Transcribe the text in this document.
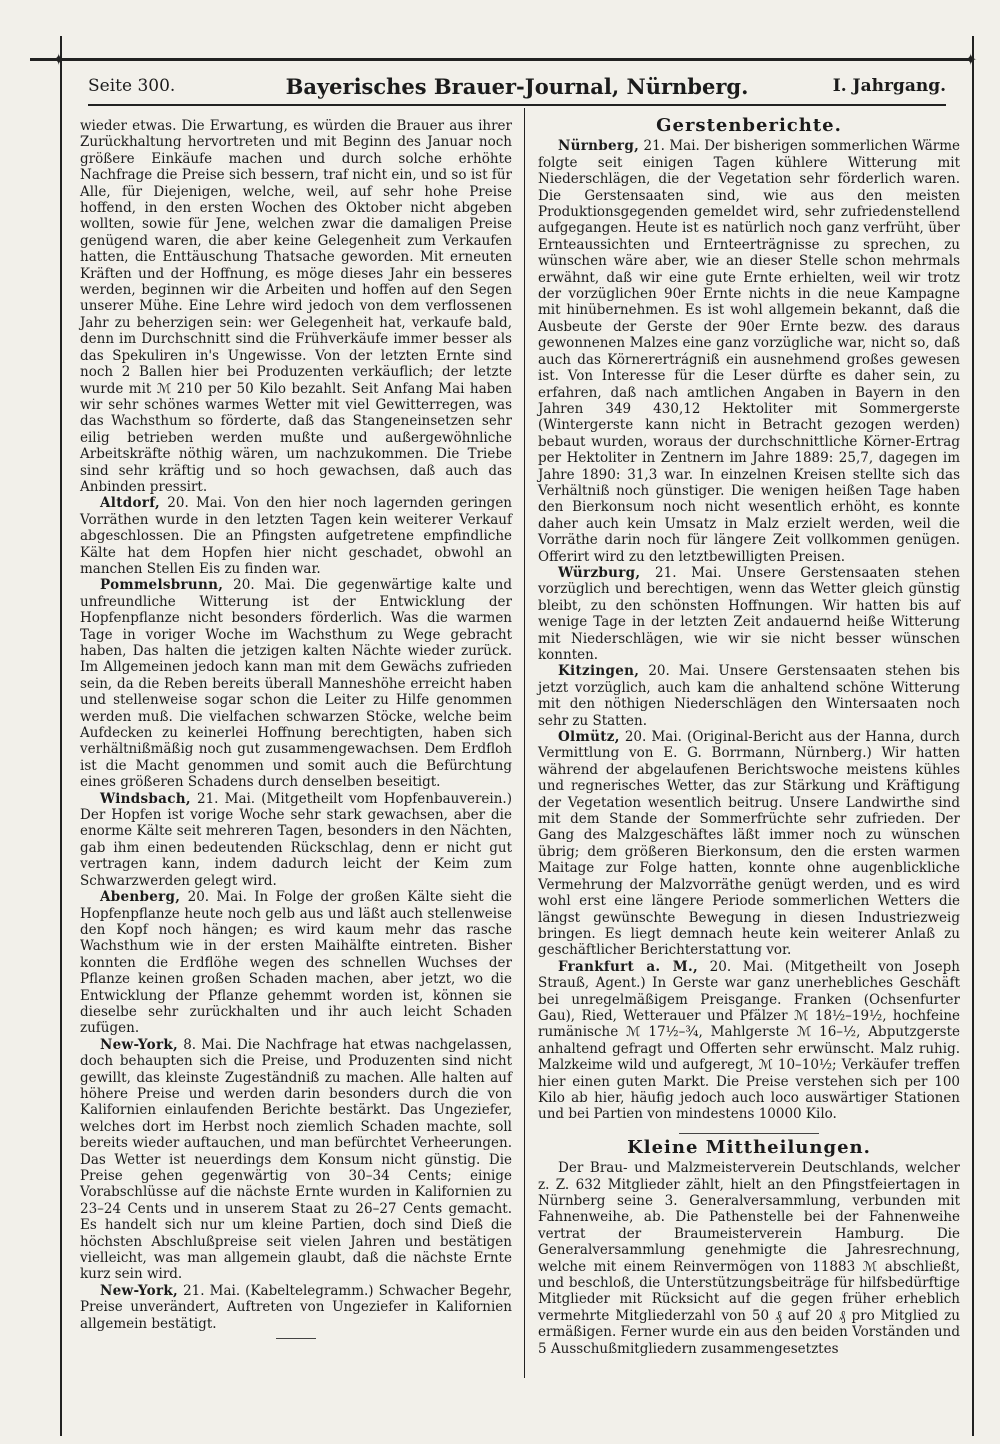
✦	✦
Seite 300.	Bayerisches Brauer-Journal, Nürnberg.	I. Jahrgang.

wieder etwas. Die Erwartung, es würden die Brauer aus ihrer Zurückhaltung hervortreten und mit Beginn des Januar noch größere Einkäufe machen und durch solche erhöhte Nachfrage die Preise sich bessern, traf nicht ein, und so ist für Alle, für Diejenigen, welche, weil, auf sehr hohe Preise hoffend, in den ersten Wochen des Oktober nicht abgeben wollten, sowie für Jene, welchen zwar die damaligen Preise genügend waren, die aber keine Gelegenheit zum Verkaufen hatten, die Enttäuschung Thatsache geworden. Mit erneuten Kräften und der Hoffnung, es möge dieses Jahr ein besseres werden, beginnen wir die Arbeiten und hoffen auf den Segen unserer Mühe. Eine Lehre wird jedoch von dem verflossenen Jahr zu beherzigen sein: wer Gelegenheit hat, verkaufe bald, denn im Durchschnitt sind die Frühverkäufe immer besser als das Spekuliren in's Ungewisse. Von der letzten Ernte sind noch 2 Ballen hier bei Produzenten verkäuflich; der letzte wurde mit ℳ 210 per 50 Kilo bezahlt. Seit Anfang Mai haben wir sehr schönes warmes Wetter mit viel Gewitterregen, was das Wachsthum so förderte, daß das Stangeneinsetzen sehr eilig betrieben werden mußte und außergewöhnliche Arbeitskräfte nöthig wären, um nachzukommen. Die Triebe sind sehr kräftig und so hoch gewachsen, daß auch das Anbinden pressirt.

Altdorf, 20. Mai. Von den hier noch lagernden geringen Vorräthen wurde in den letzten Tagen kein weiterer Verkauf abgeschlossen. Die an Pfingsten aufgetretene empfindliche Kälte hat dem Hopfen hier nicht geschadet, obwohl an manchen Stellen Eis zu finden war.

Pommelsbrunn, 20. Mai. Die gegenwärtige kalte und unfreundliche Witterung ist der Entwicklung der Hopfenpflanze nicht besonders förderlich. Was die warmen Tage in voriger Woche im Wachsthum zu Wege gebracht haben, Das halten die jetzigen kalten Nächte wieder zurück. Im Allgemeinen jedoch kann man mit dem Gewächs zufrieden sein, da die Reben bereits überall Manneshöhe erreicht haben und stellenweise sogar schon die Leiter zu Hilfe genommen werden muß. Die vielfachen schwarzen Stöcke, welche beim Aufdecken zu keinerlei Hoffnung berechtigten, haben sich verhältnißmäßig noch gut zusammengewachsen. Dem Erdfloh ist die Macht genommen und somit auch die Befürchtung eines größeren Schadens durch denselben beseitigt.

Windsbach, 21. Mai. (Mitgetheilt vom Hopfenbauverein.) Der Hopfen ist vorige Woche sehr stark gewachsen, aber die enorme Kälte seit mehreren Tagen, besonders in den Nächten, gab ihm einen bedeutenden Rückschlag, denn er nicht gut vertragen kann, indem dadurch leicht der Keim zum Schwarzwerden gelegt wird.

Abenberg, 20. Mai. In Folge der großen Kälte sieht die Hopfenpflanze heute noch gelb aus und läßt auch stellenweise den Kopf noch hängen; es wird kaum mehr das rasche Wachsthum wie in der ersten Maihälfte eintreten. Bisher konnten die Erdflöhe wegen des schnellen Wuchses der Pflanze keinen großen Schaden machen, aber jetzt, wo die Entwicklung der Pflanze gehemmt worden ist, können sie dieselbe sehr zurückhalten und ihr auch leicht Schaden zufügen.

New-York, 8. Mai. Die Nachfrage hat etwas nachgelassen, doch behaupten sich die Preise, und Produzenten sind nicht gewillt, das kleinste Zugeständniß zu machen. Alle halten auf höhere Preise und werden darin besonders durch die von Kalifornien einlaufenden Berichte bestärkt. Das Ungeziefer, welches dort im Herbst noch ziemlich Schaden machte, soll bereits wieder auftauchen, und man befürchtet Verheerungen. Das Wetter ist neuerdings dem Konsum nicht günstig. Die Preise gehen gegenwärtig von 30–34 Cents; einige Vorabschlüsse auf die nächste Ernte wurden in Kalifornien zu 23–24 Cents und in unserem Staat zu 26–27 Cents gemacht. Es handelt sich nur um kleine Partien, doch sind Dieß die höchsten Abschlußpreise seit vielen Jahren und bestätigen vielleicht, was man allgemein glaubt, daß die nächste Ernte kurz sein wird.

New-York, 21. Mai. (Kabeltelegramm.) Schwacher Begehr, Preise unverändert, Auftreten von Ungeziefer in Kalifornien allgemein bestätigt.

Gerstenberichte.

Nürnberg, 21. Mai. Der bisherigen sommerlichen Wärme folgte seit einigen Tagen kühlere Witterung mit Niederschlägen, die der Vegetation sehr förderlich waren. Die Gerstensaaten sind, wie aus den meisten Produktionsgegenden gemeldet wird, sehr zufriedenstellend aufgegangen. Heute ist es natürlich noch ganz verfrüht, über Ernteaussichten und Ernteerträgnisse zu sprechen, zu wünschen wäre aber, wie an dieser Stelle schon mehrmals erwähnt, daß wir eine gute Ernte erhielten, weil wir trotz der vorzüglichen 90er Ernte nichts in die neue Kampagne mit hinübernehmen. Es ist wohl allgemein bekannt, daß die Ausbeute der Gerste der 90er Ernte bezw. des daraus gewonnenen Malzes eine ganz vorzügliche war, nicht so, daß auch das Körnerertrágniß ein ausnehmend großes gewesen ist. Von Interesse für die Leser dürfte es daher sein, zu erfahren, daß nach amtlichen Angaben in Bayern in den Jahren 349 430,12 Hektoliter mit Sommergerste (Wintergerste kann nicht in Betracht gezogen werden) bebaut wurden, woraus der durchschnittliche Körner-Ertrag per Hektoliter in Zentnern im Jahre 1889: 25,7, dagegen im Jahre 1890: 31,3 war. In einzelnen Kreisen stellte sich das Verhältniß noch günstiger. Die wenigen heißen Tage haben den Bierkonsum noch nicht wesentlich erhöht, es konnte daher auch kein Umsatz in Malz erzielt werden, weil die Vorräthe darin noch für längere Zeit vollkommen genügen. Offerirt wird zu den letztbewilligten Preisen.

Würzburg, 21. Mai. Unsere Gerstensaaten stehen vorzüglich und berechtigen, wenn das Wetter gleich günstig bleibt, zu den schönsten Hoffnungen. Wir hatten bis auf wenige Tage in der letzten Zeit andauernd heiße Witterung mit Niederschlägen, wie wir sie nicht besser wünschen konnten.

Kitzingen, 20. Mai. Unsere Gerstensaaten stehen bis jetzt vorzüglich, auch kam die anhaltend schöne Witterung mit den nöthigen Niederschlägen den Wintersaaten noch sehr zu Statten.

Olmütz, 20. Mai. (Original-Bericht aus der Hanna, durch Vermittlung von E. G. Borrmann, Nürnberg.) Wir hatten während der abgelaufenen Berichtswoche meistens kühles und regnerisches Wetter, das zur Stärkung und Kräftigung der Vegetation wesentlich beitrug. Unsere Landwirthe sind mit dem Stande der Sommerfrüchte sehr zufrieden. Der Gang des Malzgeschäftes läßt immer noch zu wünschen übrig; dem größeren Bierkonsum, den die ersten warmen Maitage zur Folge hatten, konnte ohne augenblickliche Vermehrung der Malzvorräthe genügt werden, und es wird wohl erst eine längere Periode sommerlichen Wetters die längst gewünschte Bewegung in diesen Industriezweig bringen. Es liegt demnach heute kein weiterer Anlaß zu geschäftlicher Berichterstattung vor.

Frankfurt a. M., 20. Mai. (Mitgetheilt von Joseph Strauß, Agent.) In Gerste war ganz unerhebliches Geschäft bei unregelmäßigem Preisgange. Franken (Ochsenfurter Gau), Ried, Wetterauer und Pfälzer ℳ 18½–19½, hochfeine rumänische ℳ 17½–¾, Mahlgerste ℳ 16–½, Abputzgerste anhaltend gefragt und Offerten sehr erwünscht. Malz ruhig. Malzkeime wild und aufgeregt, ℳ 10–10½; Verkäufer treffen hier einen guten Markt. Die Preise verstehen sich per 100 Kilo ab hier, häufig jedoch auch loco auswärtiger Stationen und bei Partien von mindestens 10000 Kilo.

Kleine Mittheilungen.

Der Brau- und Malzmeisterverein Deutschlands, welcher z. Z. 632 Mitglieder zählt, hielt an den Pfingstfeiertagen in Nürnberg seine 3. Generalversammlung, verbunden mit Fahnenweihe, ab. Die Pathenstelle bei der Fahnenweihe vertrat der Braumeisterverein Hamburg. Die Generalversammlung genehmigte die Jahresrechnung, welche mit einem Reinvermögen von 11883 ℳ abschließt, und beschloß, die Unterstützungsbeiträge für hilfsbedürftige Mitglieder mit Rücksicht auf die gegen früher erheblich vermehrte Mitgliederzahl von 50 ₰ auf 20 ₰ pro Mitglied zu ermäßigen. Ferner wurde ein aus den beiden Vorständen und 5 Ausschußmitgliedern zusammengesetztes
